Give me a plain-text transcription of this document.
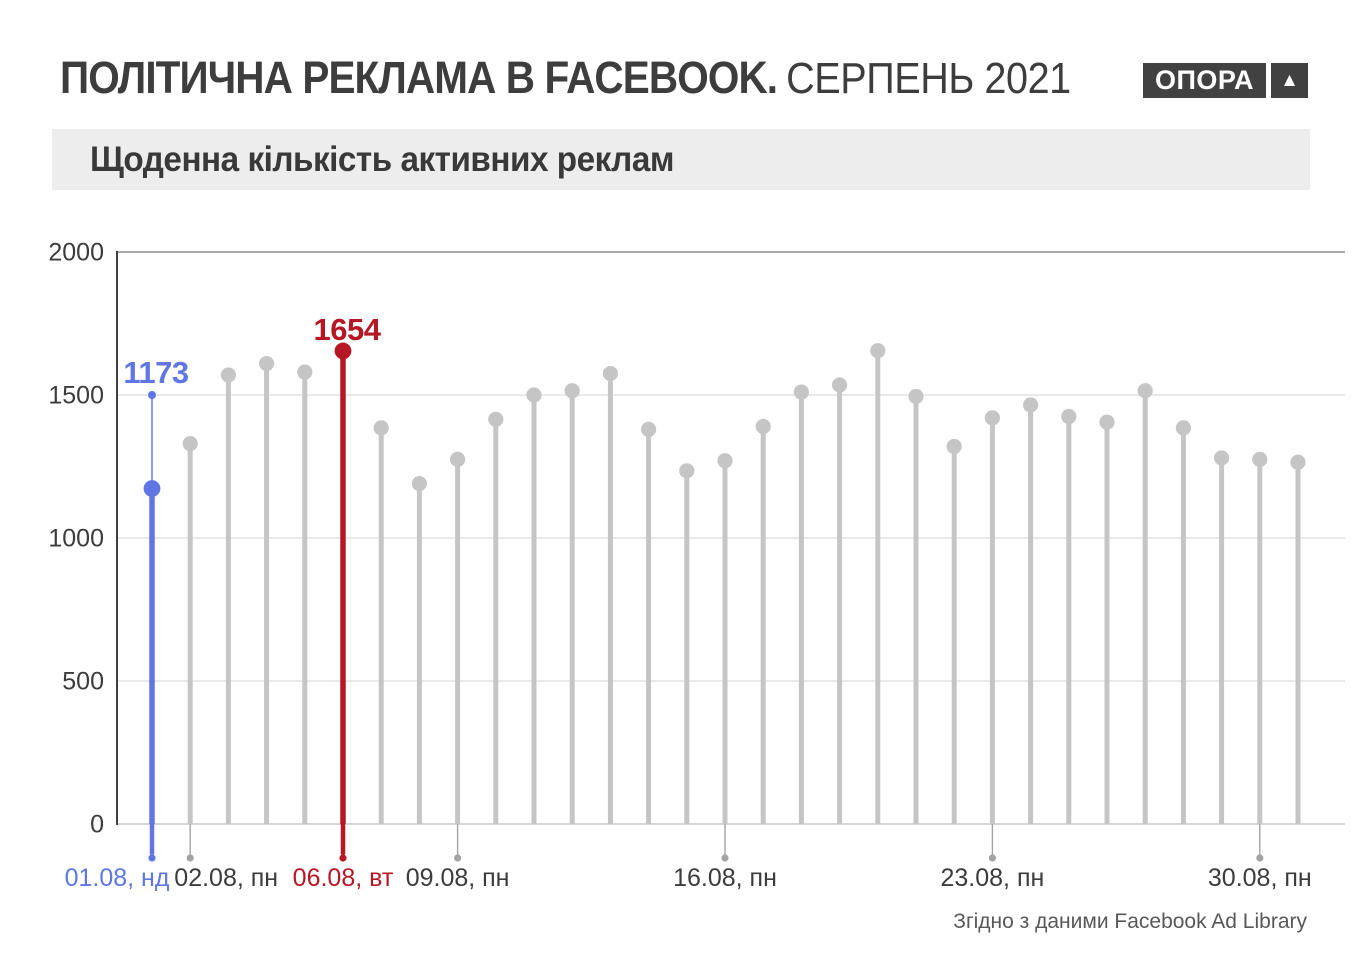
ПОЛІТИЧНА РЕКЛАМА В FACEBOOK. СЕРПЕНЬ 2021	ОПОРА ▲
Щоденна кількість активних реклам
0
500
1000
1500
2000
01.08, нд 02.08, пн 06.08, вт 09.08, пн	16.08, пн	23.08, пн	30.08, пн
1173
1654
Згідно з даними Facebook Ad Library
